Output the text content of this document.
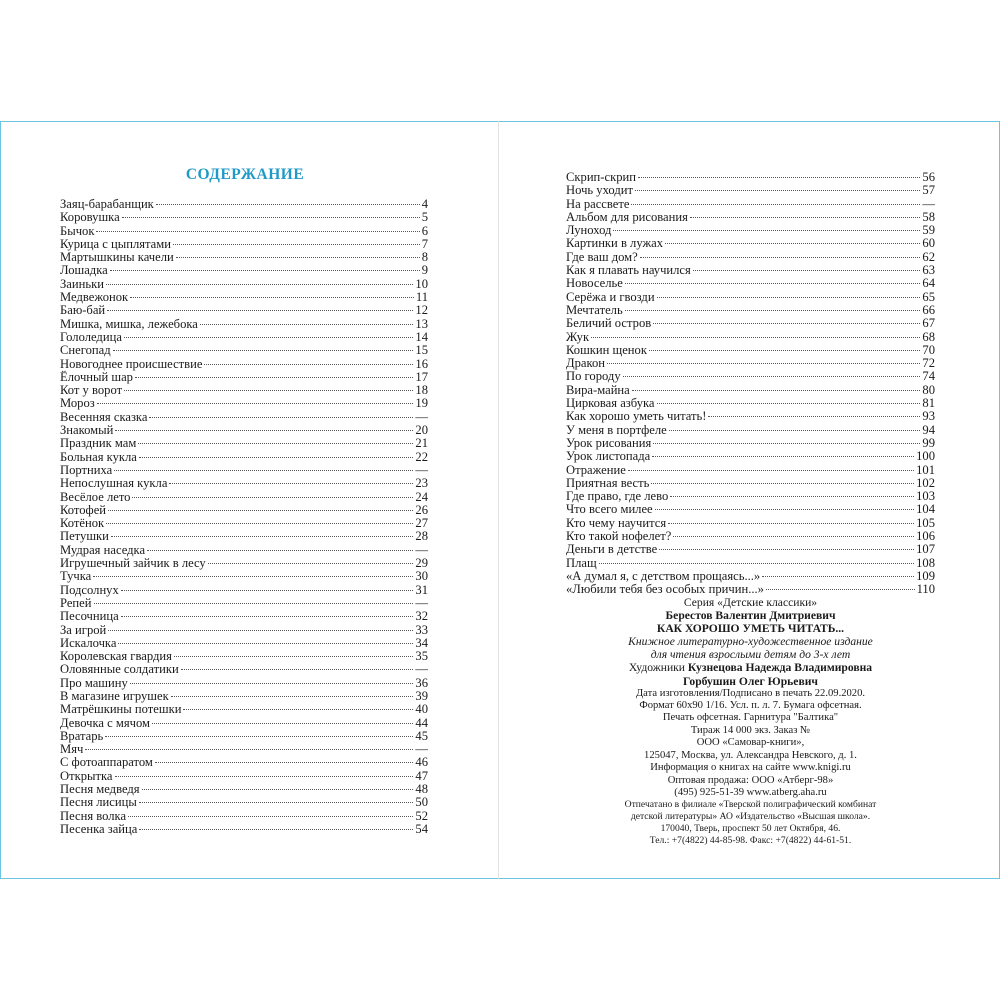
СОДЕРЖАНИЕ
Заяц-барабанщик	4
Коровушка	5
Бычок	6
Курица с цыплятами	7
Мартышкины качели	8
Лошадка	9
Заиньки	10
Медвежонок	11
Баю-бай	12
Мишка, мишка, лежебока	13
Гололедица	14
Снегопад	15
Новогоднее происшествие	16
Ёлочный шар	17
Кот у ворот	18
Мороз	19
Весенняя сказка	—
Знакомый	20
Праздник мам	21
Больная кукла	22
Портниха	—
Непослушная кукла	23
Весёлое лето	24
Котофей	26
Котёнок	27
Петушки	28
Мудрая наседка	—
Игрушечный зайчик в лесу	29
Тучка	30
Подсолнух	31
Репей	—
Песочница	32
За игрой	33
Искалочка	34
Королевская гвардия	35
Оловянные солдатики	—
Про машину	36
В магазине игрушек	39
Матрёшкины потешки	40
Девочка с мячом	44
Вратарь	45
Мяч	—
С фотоаппаратом	46
Открытка	47
Песня медведя	48
Песня лисицы	50
Песня волка	52
Песенка зайца	54
Скрип-скрип	56
Ночь уходит	57
На рассвете	—
Альбом для рисования	58
Луноход	59
Картинки в лужах	60
Где ваш дом?	62
Как я плавать научился	63
Новоселье	64
Серёжа и гвозди	65
Мечтатель	66
Беличий остров	67
Жук	68
Кошкин щенок	70
Дракон	72
По городу	74
Вира-майна	80
Цирковая азбука	81
Как хорошо уметь читать!	93
У меня в портфеле	94
Урок рисования	99
Урок листопада	100
Отражение	101
Приятная весть	102
Где право, где лево	103
Что всего милее	104
Кто чему научится	105
Кто такой нофелет?	106
Деньги в детстве	107
Плащ	108
«А думал я, с детством прощаясь...»	109
«Любили тебя без особых причин...»	110
Серия «Детские классики»
Берестов Валентин Дмитриевич
КАК ХОРОШО УМЕТЬ ЧИТАТЬ...
Книжное литературно-художественное издание
для чтения взрослыми детям до 3-х лет
Художники Кузнецова Надежда Владимировна
Горбушин Олег Юрьевич
Дата изготовления/Подписано в печать 22.09.2020.
Формат 60х90 1/16. Усл. п. л. 7. Бумага офсетная.
Печать офсетная. Гарнитура "Балтика"
Тираж 14 000 экз. Заказ №
ООО «Самовар-книги»,
125047, Москва, ул. Александра Невского, д. 1.
Информация о книгах на сайте www.knigi.ru
Оптовая продажа: ООО «Атберг-98»
(495) 925-51-39 www.atberg.aha.ru
Отпечатано в филиале «Тверской полиграфический комбинат
детской литературы» АО «Издательство «Высшая школа».
170040, Тверь, проспект 50 лет Октября, 46.
Тел.: +7(4822) 44-85-98. Факс: +7(4822) 44-61-51.
